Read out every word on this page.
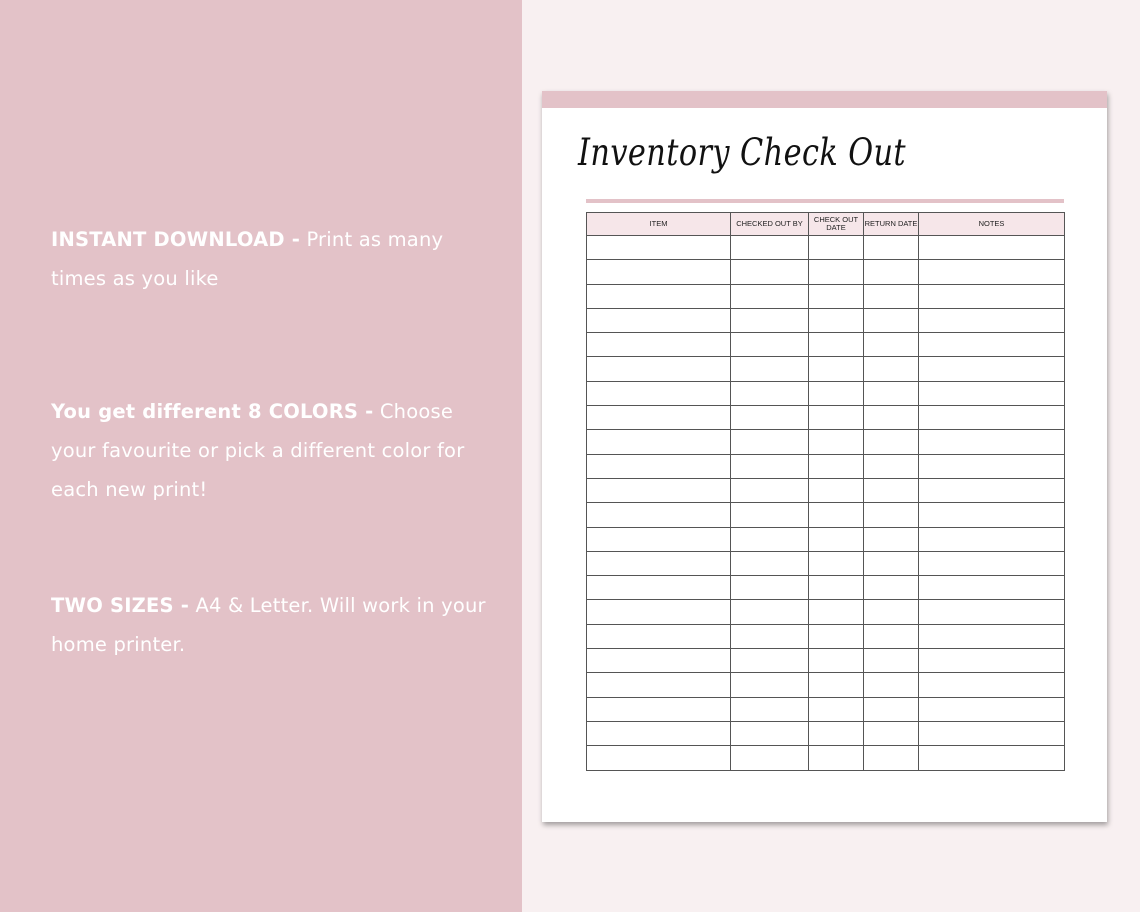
INSTANT DOWNLOAD - Print as many times as you like
You get different 8 COLORS - Choose your favourite or pick a different color for each new print!
TWO SIZES - A4 & Letter. Will work in your home printer.
Inventory Check Out
ITEM	CHECKED OUT BY	CHECK OUT DATE	RETURN DATE	NOTES
